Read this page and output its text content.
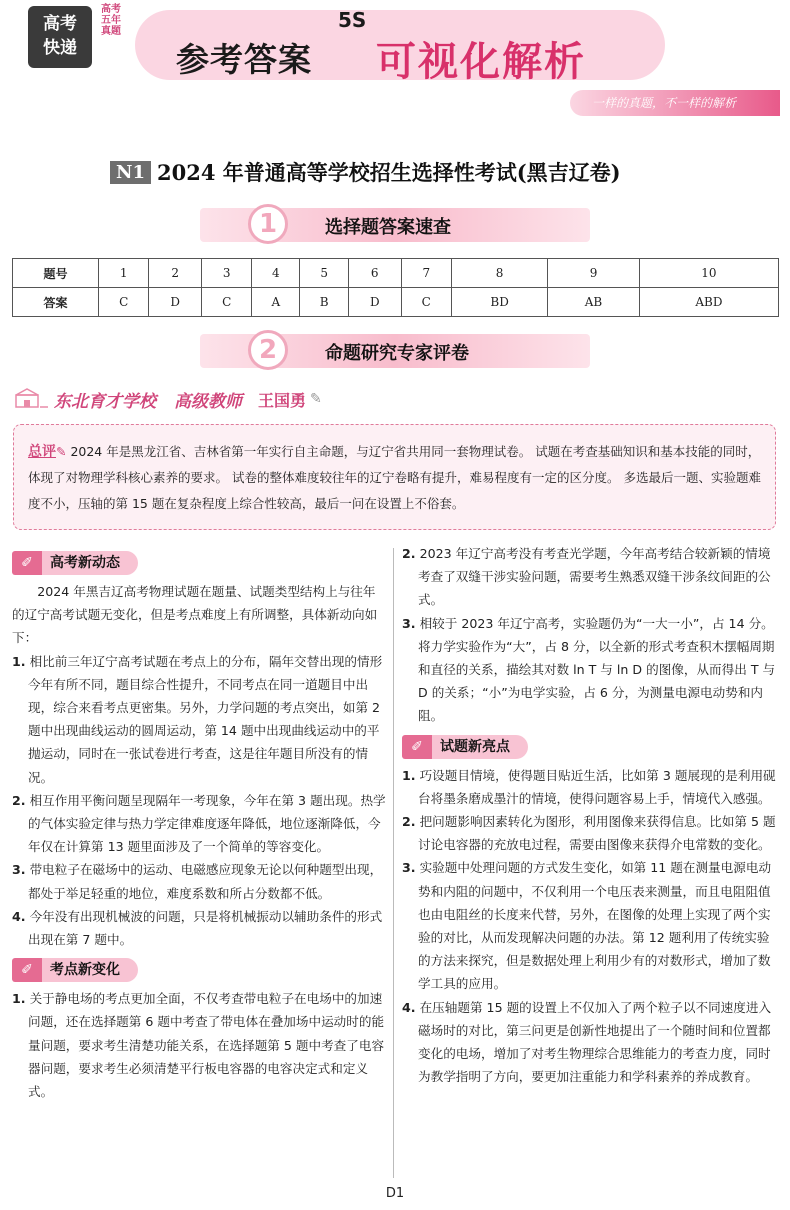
高考
快递
高考五年真题
参考答案
5S
可视化解析
一样的真题，不一样的解析
N1 2024 年普通高等学校招生选择性考试(黑吉辽卷)
1	选择题答案速查
题号	1	2	3	4	5	6	7	8	9	10
答案	C	D	C	A	B	D	C	BD	AB	ABD
2	命题研究专家评卷
东北育才学校 高级教师 王国勇 ✎
总评✎ 2024 年是黑龙江省、吉林省第一年实行自主命题，与辽宁省共用同一套物理试卷。 试题在考查基础知识和基本技能的同时，体现了对物理学科核心素养的要求。 试卷的整体难度较往年的辽宁卷略有提升，难易程度有一定的区分度。 多选最后一题、实验题难度不小，压轴的第 15 题在复杂程度上综合性较高，最后一问在设置上不俗套。
✐	高考新动态
2024 年黑吉辽高考物理试题在题量、试题类型结构上与往年的辽宁高考试题无变化，但是考点难度上有所调整，具体新动向如下：
1. 相比前三年辽宁高考试题在考点上的分布，隔年交替出现的情形今年有所不同，题目综合性提升，不同考点在同一道题目中出现，综合来看考点更密集。另外，力学问题的考点突出，如第 2 题中出现曲线运动的圆周运动，第 14 题中出现曲线运动中的平抛运动，同时在一张试卷进行考查，这是往年题目所没有的情况。
2. 相互作用平衡问题呈现隔年一考现象，今年在第 3 题出现。热学的气体实验定律与热力学定律难度逐年降低，地位逐渐降低，今年仅在计算第 13 题里面涉及了一个简单的等容变化。
3. 带电粒子在磁场中的运动、电磁感应现象无论以何种题型出现，都处于举足轻重的地位，难度系数和所占分数都不低。
4. 今年没有出现机械波的问题，只是将机械振动以辅助条件的形式出现在第 7 题中。
✐	考点新变化
1. 关于静电场的考点更加全面，不仅考查带电粒子在电场中的加速问题，还在选择题第 6 题中考查了带电体在叠加场中运动时的能量问题，要求考生清楚功能关系，在选择题第 5 题中考查了电容器问题，要求考生必须清楚平行板电容器的电容决定式和定义式。
2. 2023 年辽宁高考没有考查光学题，今年高考结合较新颖的情境考查了双缝干涉实验问题，需要考生熟悉双缝干涉条纹间距的公式。
3. 相较于 2023 年辽宁高考，实验题仍为“一大一小”，占 14 分。将力学实验作为“大”，占 8 分，以全新的形式考查积木摆幅周期和直径的关系，描绘其对数 ln T 与 ln D 的图像，从而得出 T 与 D 的关系；“小”为电学实验，占 6 分，为测量电源电动势和内阻。
✐	试题新亮点
1. 巧设题目情境，使得题目贴近生活，比如第 3 题展现的是利用砚台将墨条磨成墨汁的情境，使得问题容易上手，情境代入感强。
2. 把问题影响因素转化为图形，利用图像来获得信息。比如第 5 题讨论电容器的充放电过程，需要由图像来获得介电常数的变化。
3. 实验题中处理问题的方式发生变化，如第 11 题在测量电源电动势和内阻的问题中，不仅利用一个电压表来测量，而且电阻阻值也由电阻丝的长度来代替，另外，在图像的处理上实现了两个实验的对比，从而发现解决问题的办法。第 12 题利用了传统实验的方法来探究，但是数据处理上利用少有的对数形式，增加了数学工具的应用。
4. 在压轴题第 15 题的设置上不仅加入了两个粒子以不同速度进入磁场时的对比，第三问更是创新性地提出了一个随时间和位置都变化的电场，增加了对考生物理综合思维能力的考查力度，同时为教学指明了方向，要更加注重能力和学科素养的养成教育。
D1
